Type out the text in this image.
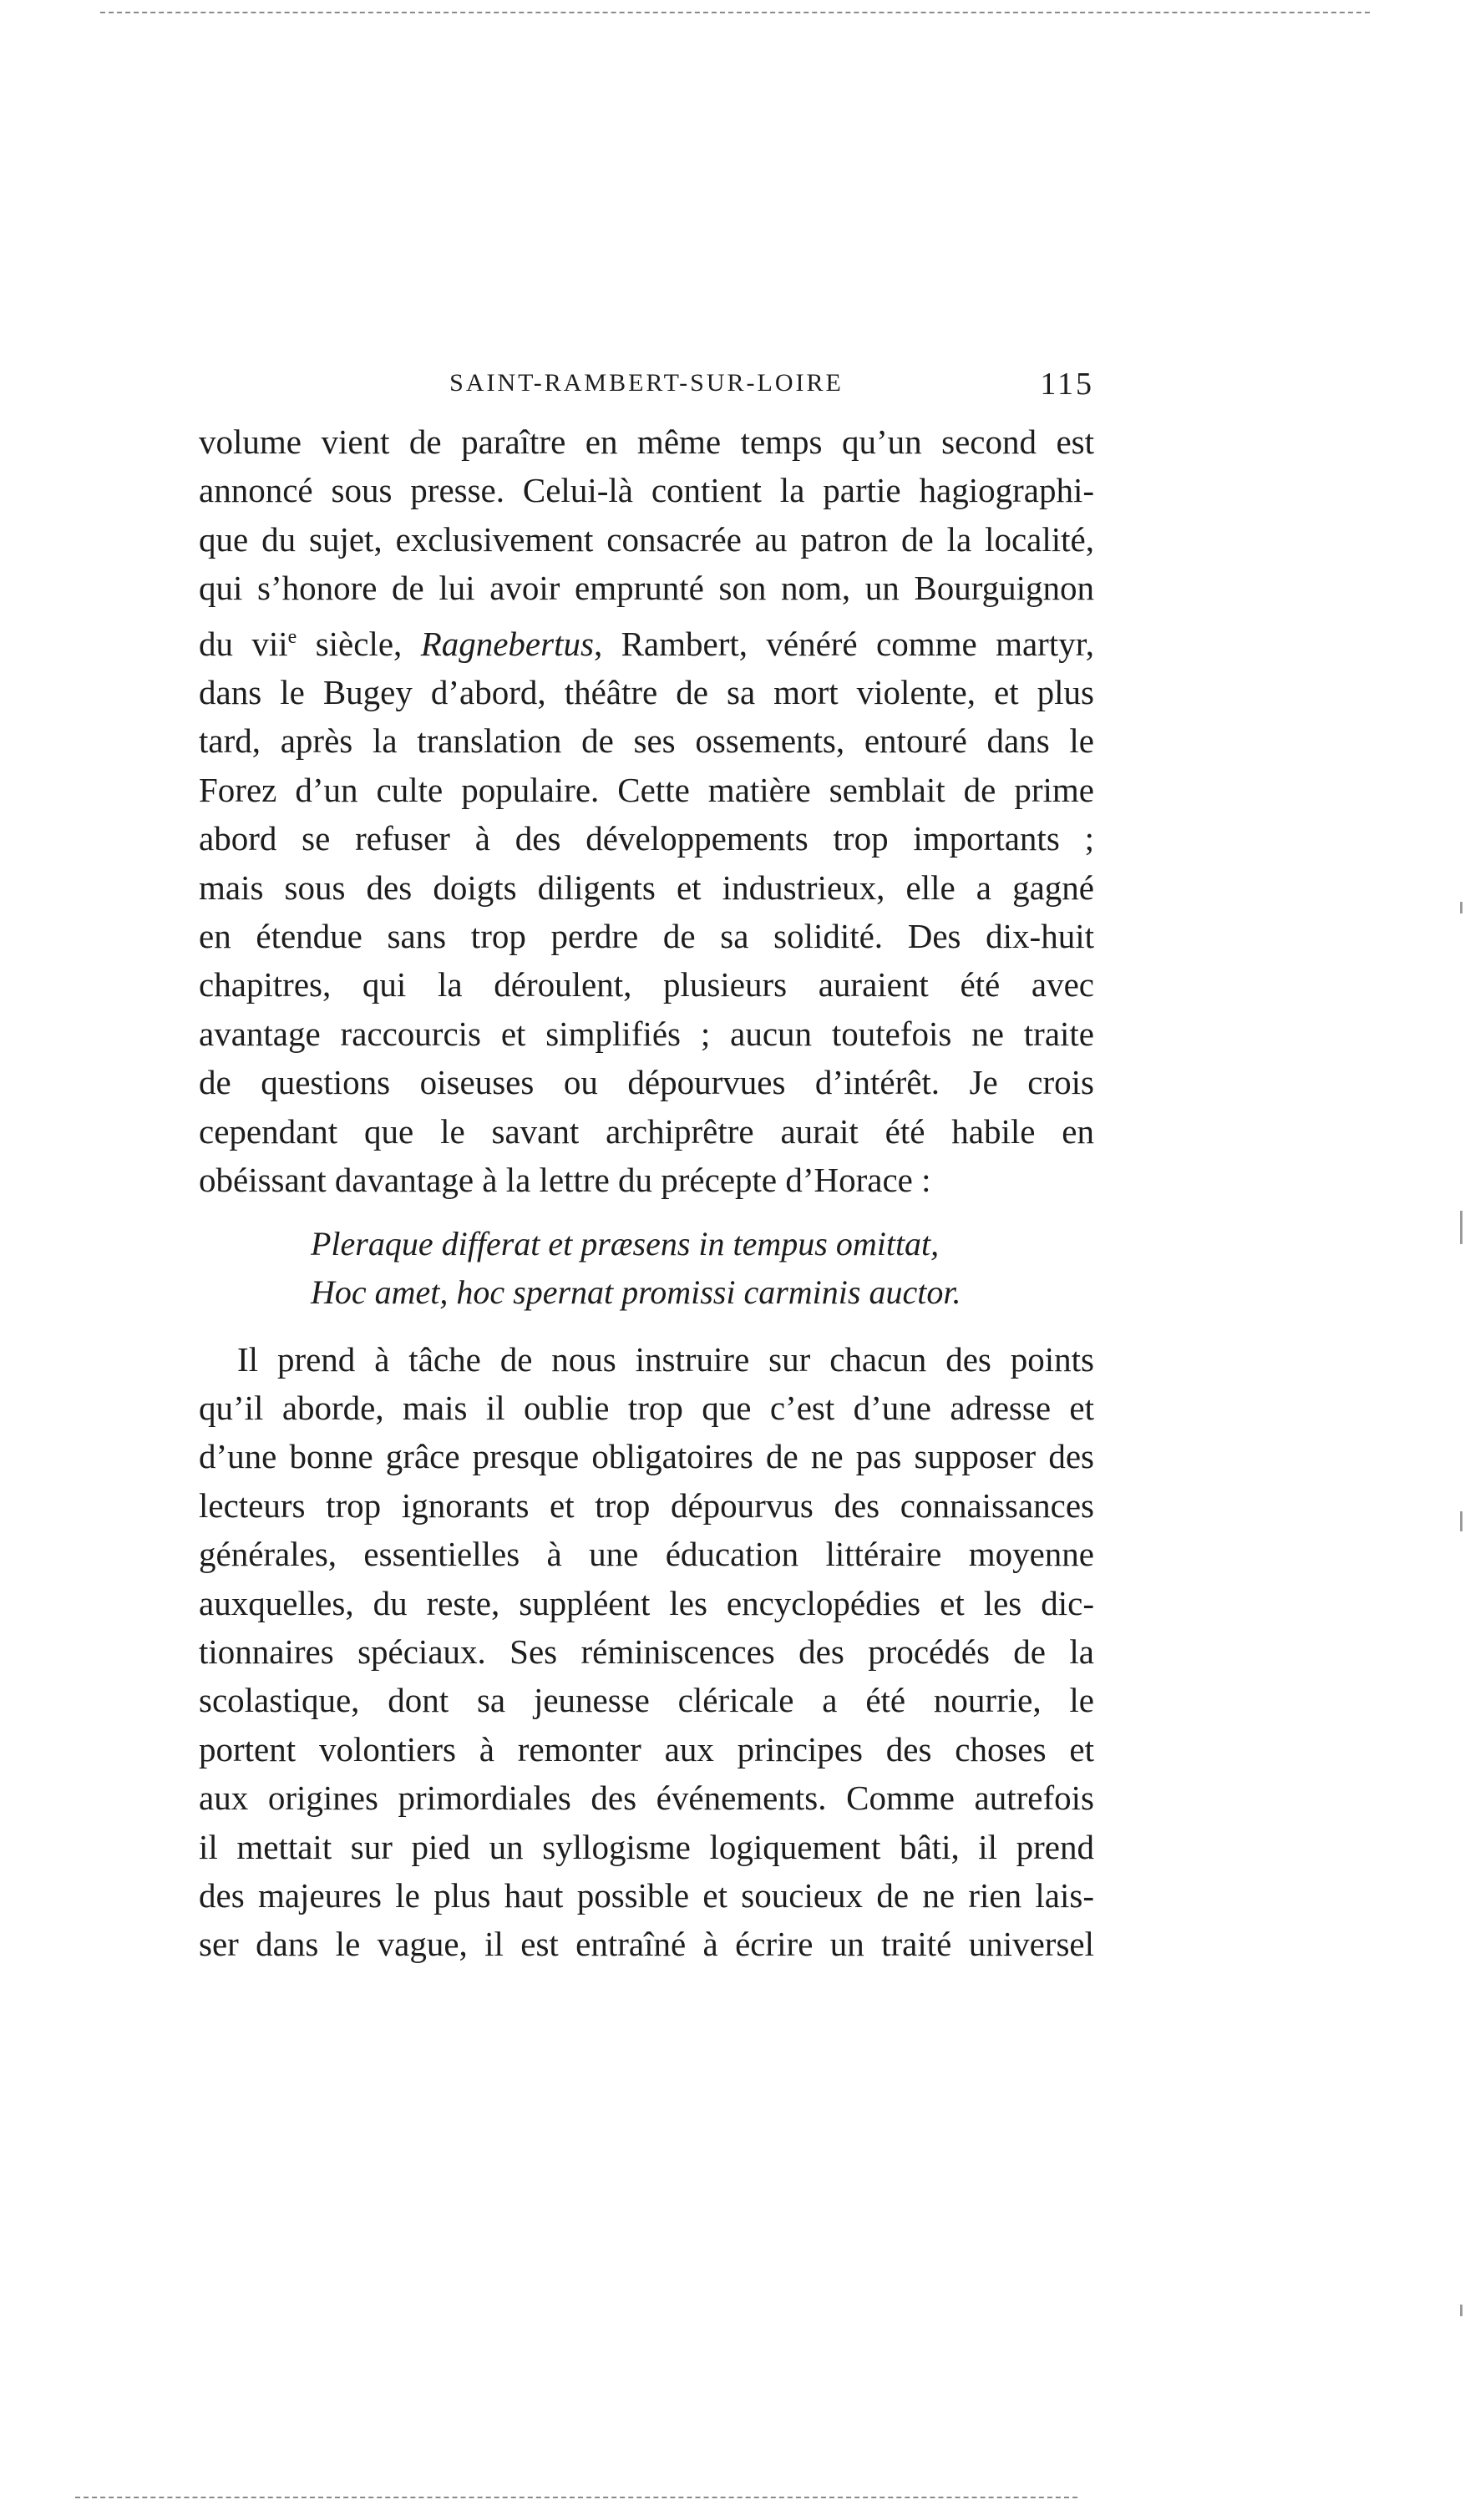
SAINT-RAMBERT-SUR-LOIRE	115
volume vient de paraître en même temps qu’un second est
annoncé sous presse. Celui-là contient la partie hagiographi-
que du sujet, exclusivement consacrée au patron de la localité,
qui s’honore de lui avoir emprunté son nom, un Bourguignon
du vii$^e$ siècle, Ragnebertus, Rambert, vénéré comme martyr,
dans le Bugey d’abord, théâtre de sa mort violente, et plus
tard, après la translation de ses ossements, entouré dans le
Forez d’un culte populaire. Cette matière semblait de prime
abord se refuser à des développements trop importants ;
mais sous des doigts diligents et industrieux, elle a gagné
en étendue sans trop perdre de sa solidité. Des dix-huit
chapitres, qui la déroulent, plusieurs auraient été avec
avantage raccourcis et simplifiés ; aucun toutefois ne traite
de questions oiseuses ou dépourvues d’intérêt. Je crois
cependant que le savant archiprêtre aurait été habile en
obéissant davantage à la lettre du précepte d’Horace :
Pleraque differat et præsens in tempus omittat,
Hoc amet, hoc spernat promissi carminis auctor.
Il prend à tâche de nous instruire sur chacun des points
qu’il aborde, mais il oublie trop que c’est d’une adresse et
d’une bonne grâce presque obligatoires de ne pas supposer des
lecteurs trop ignorants et trop dépourvus des connaissances
générales, essentielles à une éducation littéraire moyenne
auxquelles, du reste, suppléent les encyclopédies et les dic-
tionnaires spéciaux. Ses réminiscences des procédés de la
scolastique, dont sa jeunesse cléricale a été nourrie, le
portent volontiers à remonter aux principes des choses et
aux origines primordiales des événements. Comme autrefois
il mettait sur pied un syllogisme logiquement bâti, il prend
des majeures le plus haut possible et soucieux de ne rien lais-
ser dans le vague, il est entraîné à écrire un traité universel
